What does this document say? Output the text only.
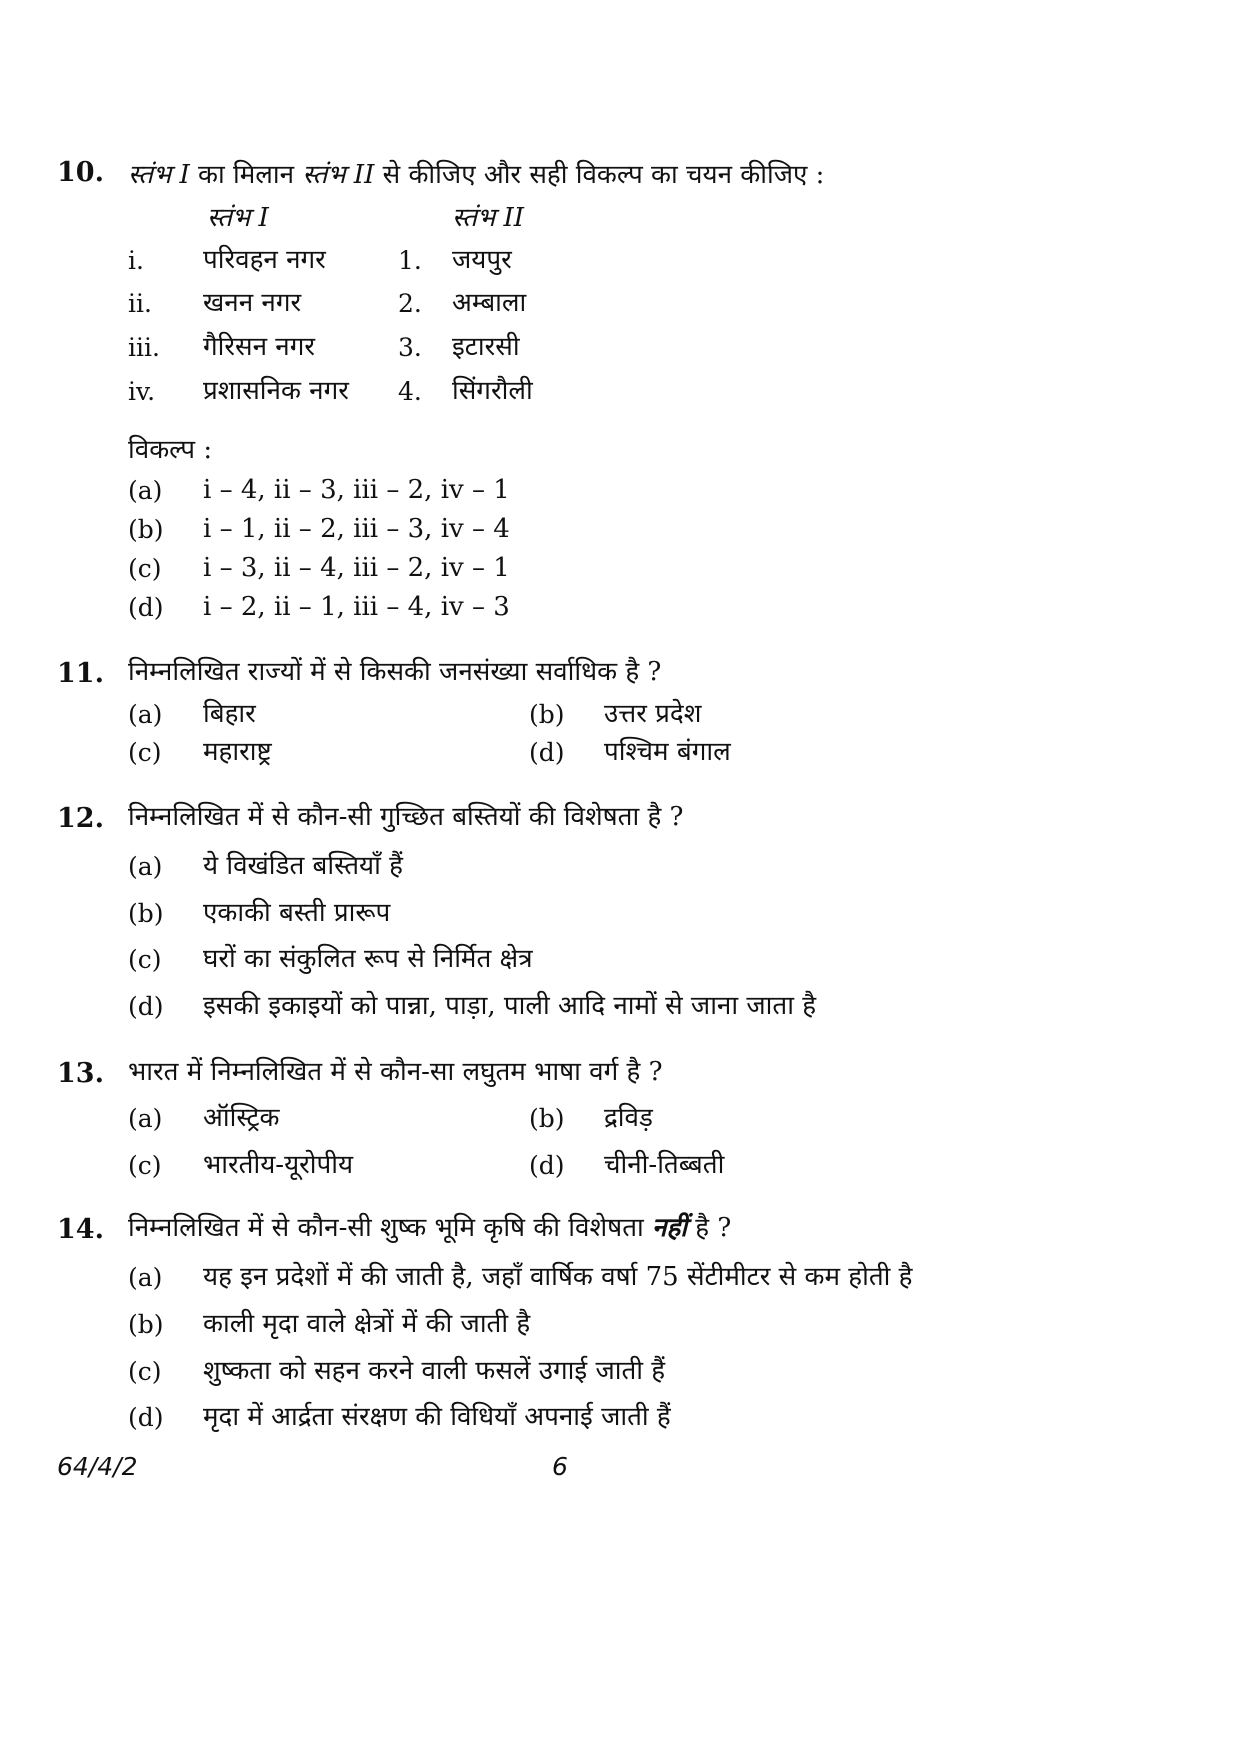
10. स्तंभ I का मिलान स्तंभ II से कीजिए और सही विकल्प का चयन कीजिए :
स्तंभ I	स्तंभ II
i. परिवहन नगर	1. जयपुर
ii. खनन नगर	2. अम्बाला
iii. गैरिसन नगर	3. इटारसी
iv. प्रशासनिक नगर 4. सिंगरौली
विकल्प :
(a) i – 4, ii – 3, iii – 2, iv – 1
(b) i – 1, ii – 2, iii – 3, iv – 4
(c) i – 3, ii – 4, iii – 2, iv – 1
(d) i – 2, ii – 1, iii – 4, iv – 3
11. निम्नलिखित राज्यों में से किसकी जनसंख्या सर्वाधिक है ?
(a) बिहार	(b) उत्तर प्रदेश
(c) महाराष्ट्र	(d) पश्चिम बंगाल
12. निम्नलिखित में से कौन-सी गुच्छित बस्तियों की विशेषता है ?
(a) ये विखंडित बस्तियाँ हैं
(b) एकाकी बस्ती प्रारूप
(c) घरों का संकुलित रूप से निर्मित क्षेत्र
(d) इसकी इकाइयों को पान्ना, पाड़ा, पाली आदि नामों से जाना जाता है
13. भारत में निम्नलिखित में से कौन-सा लघुतम भाषा वर्ग है ?
(a) ऑस्ट्रिक	(b) द्रविड़
(c) भारतीय-यूरोपीय	(d) चीनी-तिब्बती
14. निम्नलिखित में से कौन-सी शुष्क भूमि कृषि की विशेषता नहीं है ?
(a) यह इन प्रदेशों में की जाती है, जहाँ वार्षिक वर्षा 75 सेंटीमीटर से कम होती है
(b) काली मृदा वाले क्षेत्रों में की जाती है
(c) शुष्कता को सहन करने वाली फसलें उगाई जाती हैं
(d) मृदा में आर्द्रता संरक्षण की विधियाँ अपनाई जाती हैं
64/4/2	6
